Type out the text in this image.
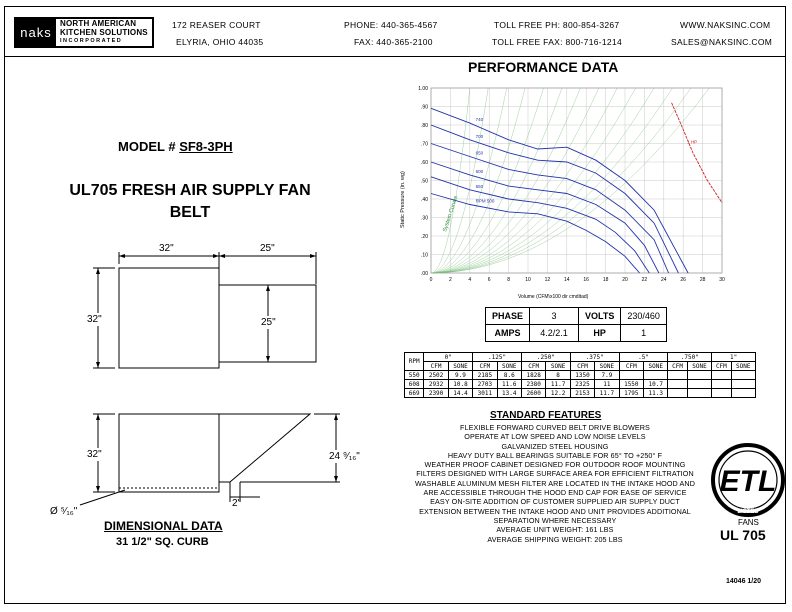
naks
NORTH AMERICAN
KITCHEN SOLUTIONS
INCORPORATED
172 REASER COURT
ELYRIA, OHIO 44035
PHONE: 440-365-4567
FAX: 440-365-2100
TOLL FREE PH: 800-854-3267
TOLL FREE FAX: 800-716-1214
WWW.NAKSINC.COM
SALES@NAKSINC.COM
MODEL # SF8-3PH
UL705 FRESH AIR SUPPLY FAN
BELT
32"	25"
32"	25"
32"	24 ⁹⁄₁₆"
2"
Ø ⁵⁄₁₆"
DIMENSIONAL DATA
31 1/2" SQ. CURB
PERFORMANCE DATA
740
700
650
600
550
RPM 500
1 HP
0	2	4	6	8	10	12	14	16	18	20	22	24	26	28	30
.00
.10
.20
.30
.40
.50
.60
.70
.80
.90
1.00
Static Pressure (in. wg)
Volume (CFM\x100 dir cmditad)
System Curves
PHASE	3	VOLTS	230/460
AMPS	4.2/2.1	HP	1
RPM	0"		.125"		.250"		.375"		.5"		.750"		1"	
	CFM	SONE	CFM	SONE	CFM	SONE	CFM	SONE	CFM	SONE	CFM	SONE	CFM	SONE
550	2502	9.9	2185	8.6	1828	8	1350	7.9						
608	2932	10.8	2703	11.6	2380	11.7	2325	11	1550	10.7				
669	2390	14.4	3011	13.4	2600	12.2	2153	11.7	1795	11.3				
STANDARD FEATURES
FLEXIBLE FORWARD CURVED BELT DRIVE BLOWERS
OPERATE AT LOW SPEED AND LOW NOISE LEVELS
GALVANIZED STEEL HOUSING
HEAVY DUTY BALL BEARINGS SUITABLE FOR 65° TO +250° F
WEATHER PROOF CABINET DESIGNED FOR OUTDOOR ROOF MOUNTING
FILTERS DESIGNED WITH LARGE SURFACE AREA FOR EFFICIENT FILTRATION
WASHABLE ALUMINUM MESH FILTER ARE LOCATED IN THE INTAKE HOOD AND
ARE ACCESSIBLE THROUGH THE HOOD END CAP FOR EASE OF SERVICE
EASY ON-SITE ADDITION OF CUSTOMER SUPPLIED AIR SUPPLY DUCT
EXTENSION BETWEEN THE INTAKE HOOD AND UNIT PROVIDES ADDITIONAL
SEPARATION WHERE NECESSARY
AVERAGE UNIT WEIGHT: 161 LBS
AVERAGE SHIPPING WEIGHT: 205 LBS
ETL
LISTED
FANS
UL 705
14046 1/20
